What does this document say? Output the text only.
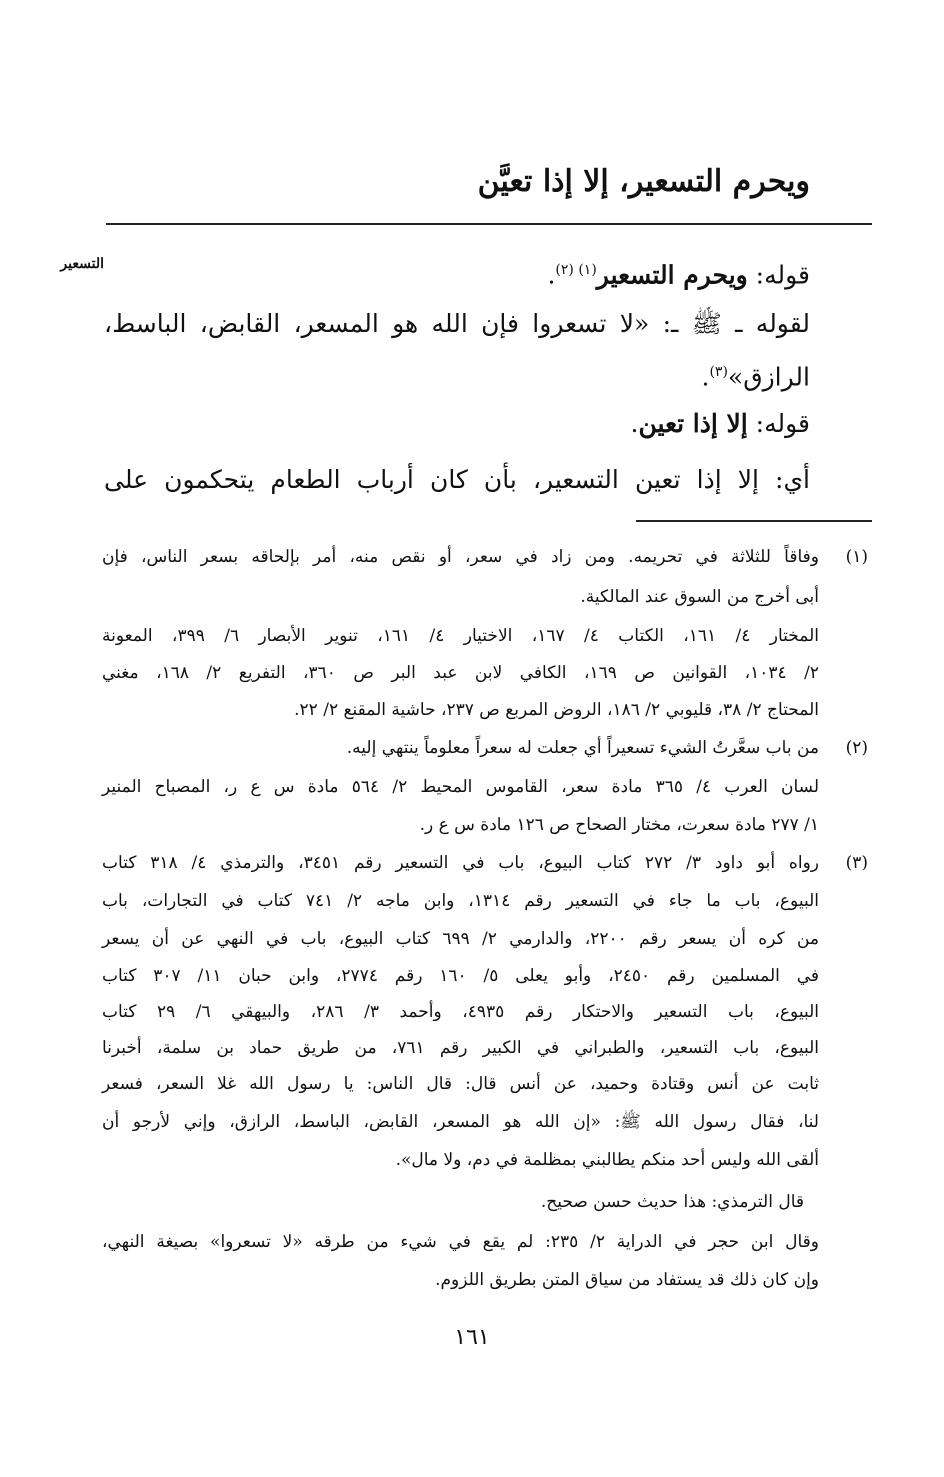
ويحرم التسعير، إلا إذا تعيَّن
التسعير	قوله: ويحرم التسعير$^{(١) (٢)}$.
لقوله ـ ﷺ ـ: «لا تسعروا فإن الله هو المسعر، القابض، الباسط،
الرازق»$^{(٣)}$.
قوله: إلا إذا تعين.
أي: إلا إذا تعين التسعير، بأن كان أرباب الطعام يتحكمون على
(١)
وفاقاً للثلاثة في تحريمه. ومن زاد في سعر، أو نقص منه، أمر بإلحاقه بسعر الناس، فإن
أبى أخرج من السوق عند المالكية.
المختار ٤/ ١٦١، الكتاب ٤/ ١٦٧، الاختيار ٤/ ١٦١، تنوير الأبصار ٦/ ٣٩٩، المعونة
٢/ ١٠٣٤، القوانين ص ١٦٩، الكافي لابن عبد البر ص ٣٦٠، التفريع ٢/ ١٦٨، مغني
المحتاج ٢/ ٣٨، قليوبي ٢/ ١٨٦، الروض المربع ص ٢٣٧، حاشية المقنع ٢/ ٢٢.
(٢)
من باب سعَّرتُ الشيء تسعيراً أي جعلت له سعراً معلوماً ينتهي إليه.
لسان العرب ٤/ ٣٦٥ مادة سعر، القاموس المحيط ٢/ ٥٦٤ مادة س ع ر، المصباح المنير
١/ ٢٧٧ مادة سعرت، مختار الصحاح ص ١٢٦ مادة س ع ر.
(٣)
رواه أبو داود ٣/ ٢٧٢ كتاب البيوع، باب في التسعير رقم ٣٤٥١، والترمذي ٤/ ٣١٨ كتاب
البيوع، باب ما جاء في التسعير رقم ١٣١٤، وابن ماجه ٢/ ٧٤١ كتاب في التجارات، باب
من كره أن يسعر رقم ٢٢٠٠، والدارمي ٢/ ٦٩٩ كتاب البيوع، باب في النهي عن أن يسعر
في المسلمين رقم ٢٤٥٠، وأبو يعلى ٥/ ١٦٠ رقم ٢٧٧٤، وابن حبان ١١/ ٣٠٧ كتاب
البيوع، باب التسعير والاحتكار رقم ٤٩٣٥، وأحمد ٣/ ٢٨٦، والبيهقي ٦/ ٢٩ كتاب
البيوع، باب التسعير، والطبراني في الكبير رقم ٧٦١، من طريق حماد بن سلمة، أخبرنا
ثابت عن أنس وقتادة وحميد، عن أنس قال: قال الناس: يا رسول الله غلا السعر، فسعر
لنا، فقال رسول الله ﷺ: «إن الله هو المسعر، القابض، الباسط، الرازق، وإني لأرجو أن
ألقى الله وليس أحد منكم يطالبني بمظلمة في دم، ولا مال».
قال الترمذي: هذا حديث حسن صحيح.
وقال ابن حجر في الدراية ٢/ ٢٣٥: لم يقع في شيء من طرقه «لا تسعروا» بصيغة النهي،
وإن كان ذلك قد يستفاد من سياق المتن بطريق اللزوم.
١٦١
